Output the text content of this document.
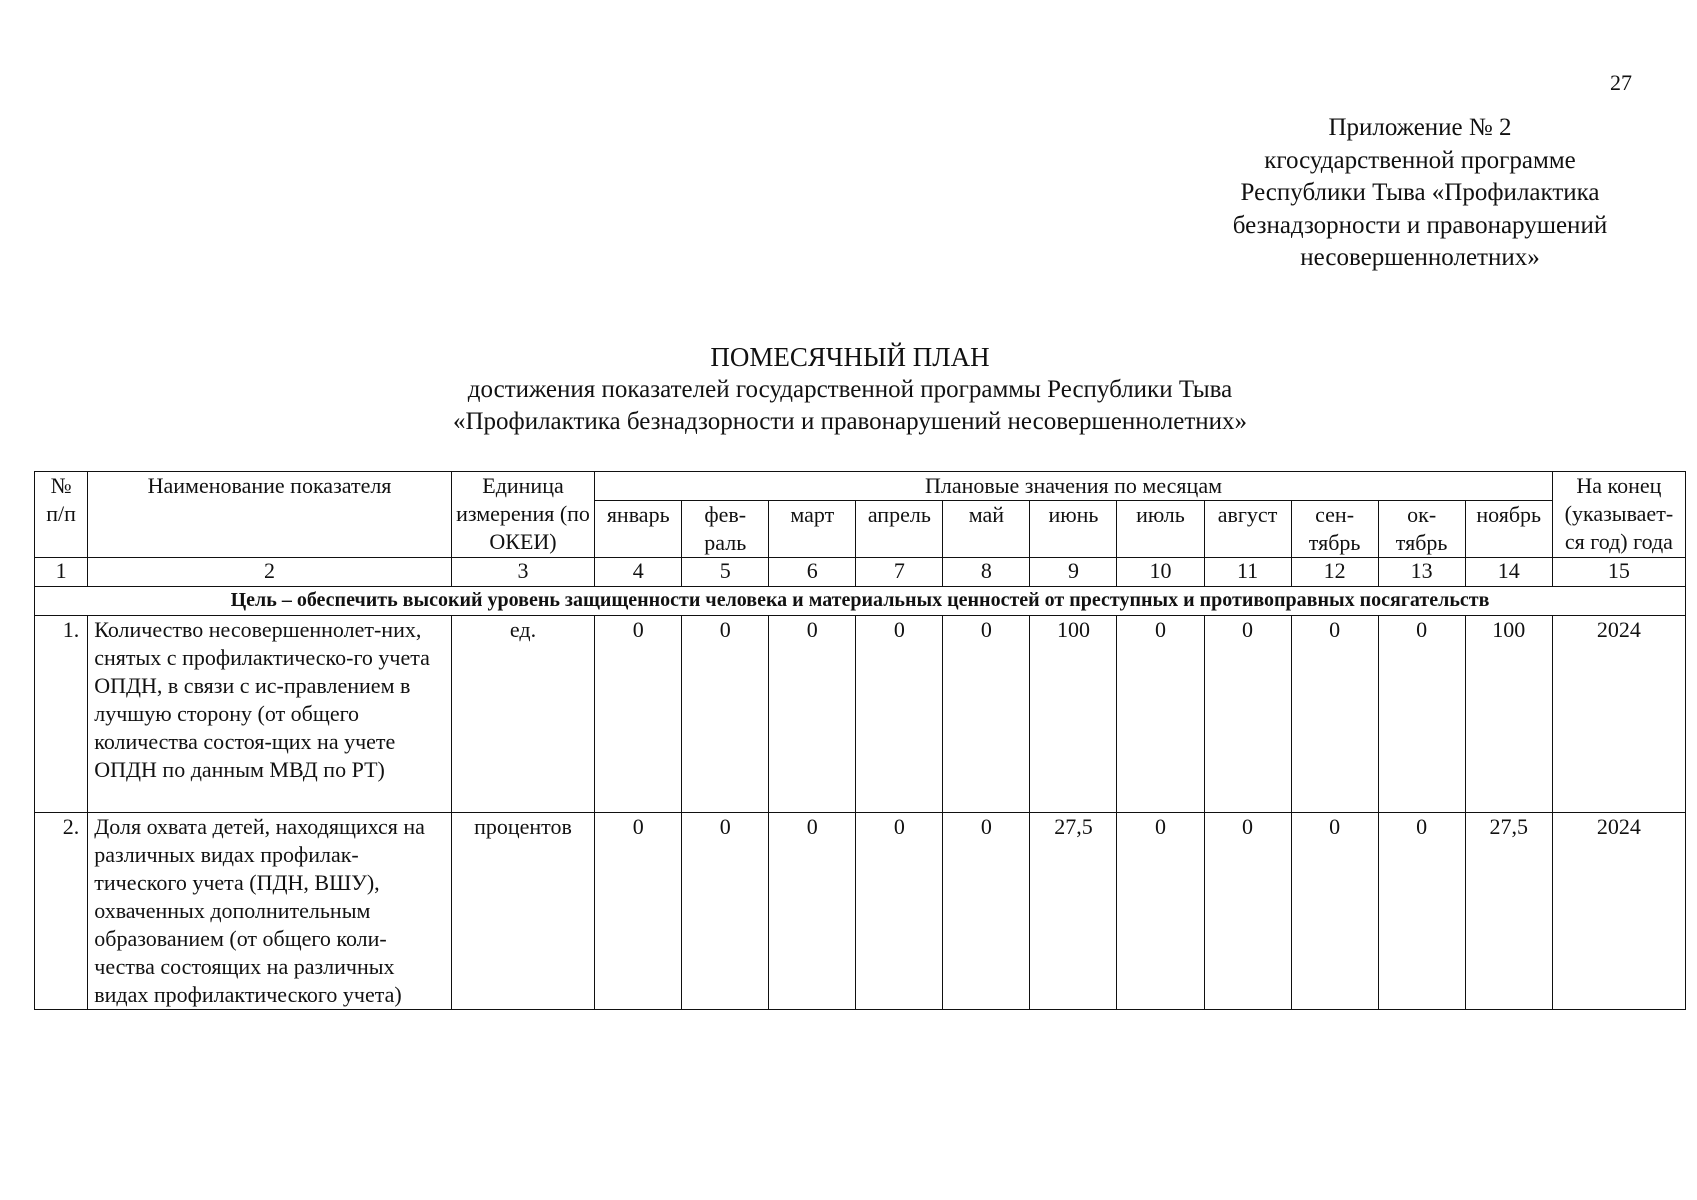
27
Приложение № 2
кгосударственной программе
Республики Тыва «Профилактика
безнадзорности и правонарушений
несовершеннолетних»
ПОМЕСЯЧНЫЙ ПЛАН
достижения показателей государственной программы Республики Тыва
«Профилактика безнадзорности и правонарушений несовершеннолетних»
№ п/п	Наименование показателя	Единица измерения (по ОКЕИ)	Плановые значения по месяцам											На конец (указывает-ся год) года
			январь	фев-раль	март	апрель	май	июнь	июль	август	сен-тябрь	ок-тябрь	ноябрь	
1	2	3	4	5	6	7	8	9	10	11	12	13	14	15
Цель – обеспечить высокий уровень защищенности человека и материальных ценностей от преступных и противоправных посягательств														
1.	Количество несовершеннолет-них, снятых с профилактическо-го учета ОПДН, в связи с ис-правлением в лучшую сторону (от общего количества состоя-щих на учете ОПДН по данным МВД по РТ)	ед.	0	0	0	0	0	100	0	0	0	0	100	2024
2.	Доля охвата детей, находящихся на различных видах профилак-тического учета (ПДН, ВШУ), охваченных дополнительным образованием (от общего коли-чества состоящих на различных видах профилактического учета)	процентов	0	0	0	0	0	27,5	0	0	0	0	27,5	2024
